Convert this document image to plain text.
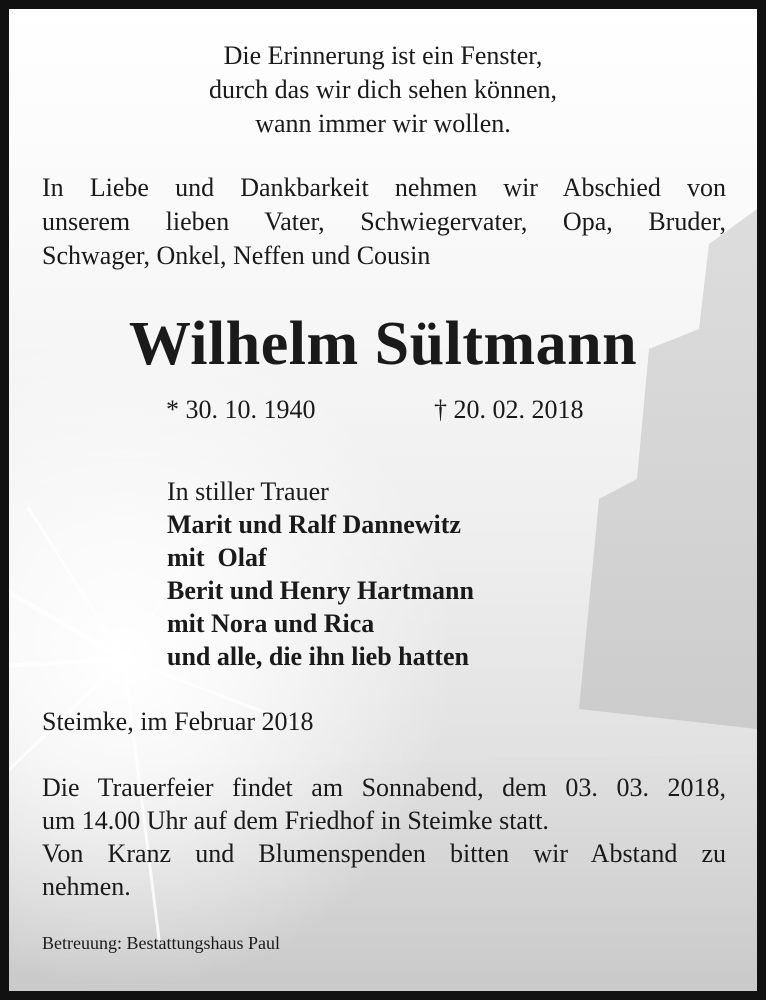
Die Erinnerung ist ein Fenster,
durch das wir dich sehen können,
wann immer wir wollen.
In Liebe und Dankbarkeit nehmen wir Abschied von
unserem lieben Vater, Schwiegervater, Opa, Bruder,
Schwager, Onkel, Neffen und Cousin
Wilhelm Sültmann
* 30. 10. 1940	† 20. 02. 2018
In stiller Trauer
Marit und Ralf Dannewitz
mit  Olaf
Berit und Henry Hartmann
mit Nora und Rica
und alle, die ihn lieb hatten
Steimke, im Februar 2018
Die Trauerfeier findet am Sonnabend, dem 03. 03. 2018,
um 14.00 Uhr auf dem Friedhof in Steimke statt.
Von Kranz und Blumenspenden bitten wir Abstand zu
nehmen.
Betreuung: Bestattungshaus Paul
